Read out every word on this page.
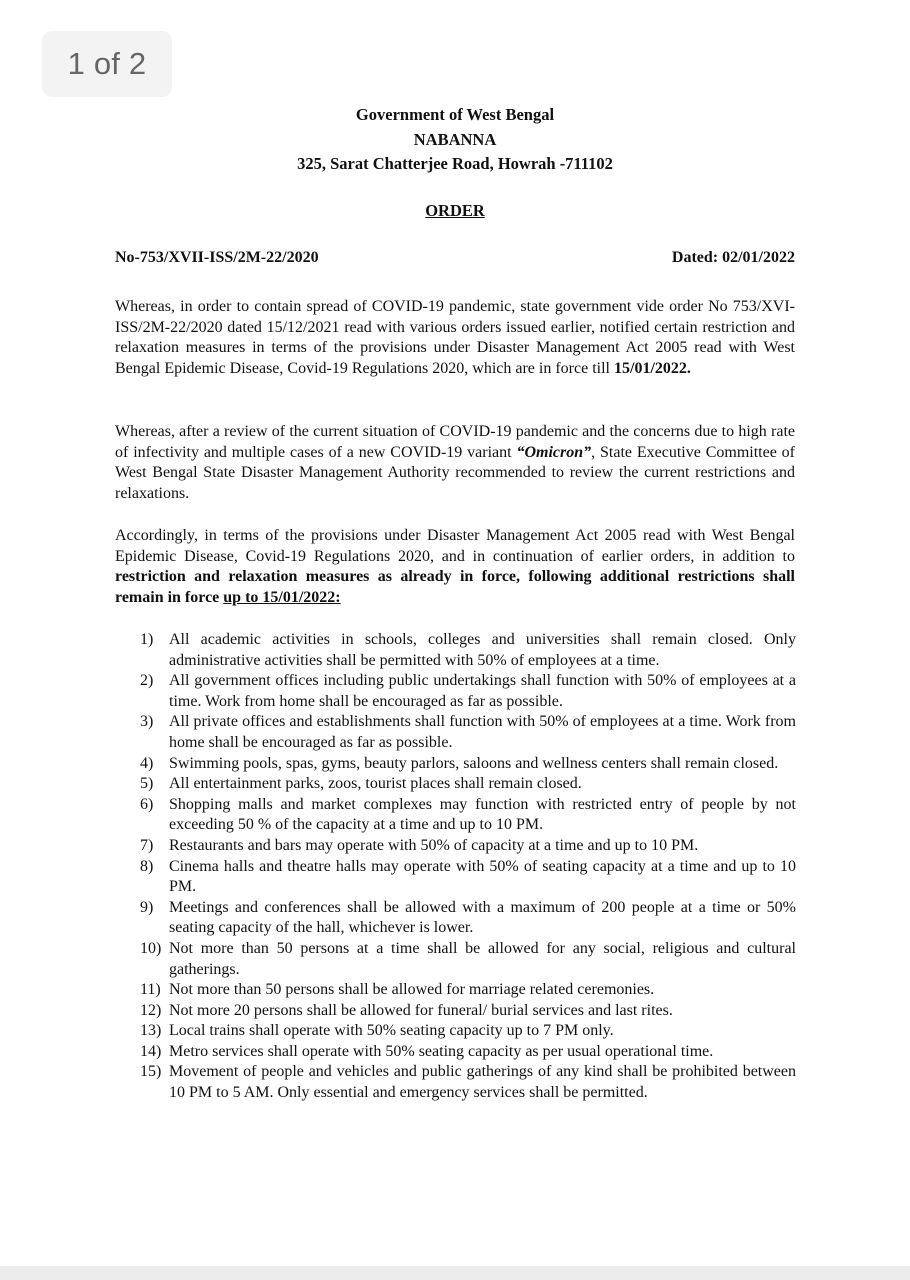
1 of 2
Government of West Bengal
NABANNA
325, Sarat Chatterjee Road, Howrah -711102
ORDER
No-753/XVII-ISS/2M-22/2020	Dated: 02/01/2022

Whereas, in order to contain spread of COVID-19 pandemic, state government vide order No 753/XVI-ISS/2M-22/2020 dated 15/12/2021 read with various orders issued earlier, notified certain restriction and relaxation measures in terms of the provisions under Disaster Management Act 2005 read with West Bengal Epidemic Disease, Covid-19 Regulations 2020, which are in force till 15/01/2022.

Whereas, after a review of the current situation of COVID-19 pandemic and the concerns due to high rate of infectivity and multiple cases of a new COVID-19 variant “Omicron”, State Executive Committee of West Bengal State Disaster Management Authority recommended to review the current restrictions and relaxations.

Accordingly, in terms of the provisions under Disaster Management Act 2005 read with West Bengal Epidemic Disease, Covid-19 Regulations 2020, and in continuation of earlier orders, in addition to restriction and relaxation measures as already in force, following additional restrictions shall remain in force up to 15/01/2022:

1) All academic activities in schools, colleges and universities shall remain closed. Only administrative activities shall be permitted with 50% of employees at a time.
2) All government offices including public undertakings shall function with 50% of employees at a time. Work from home shall be encouraged as far as possible.
3) All private offices and establishments shall function with 50% of employees at a time. Work from home shall be encouraged as far as possible.
4) Swimming pools, spas, gyms, beauty parlors, saloons and wellness centers shall remain closed.
5) All entertainment parks, zoos, tourist places shall remain closed.
6) Shopping malls and market complexes may function with restricted entry of people by not exceeding 50 % of the capacity at a time and up to 10 PM.
7) Restaurants and bars may operate with 50% of capacity at a time and up to 10 PM.
8) Cinema halls and theatre halls may operate with 50% of seating capacity at a time and up to 10 PM.
9) Meetings and conferences shall be allowed with a maximum of 200 people at a time or 50% seating capacity of the hall, whichever is lower.
10) Not more than 50 persons at a time shall be allowed for any social, religious and cultural gatherings.
11) Not more than 50 persons shall be allowed for marriage related ceremonies.
12) Not more 20 persons shall be allowed for funeral/ burial services and last rites.
13) Local trains shall operate with 50% seating capacity up to 7 PM only.
14) Metro services shall operate with 50% seating capacity as per usual operational time.
15) Movement of people and vehicles and public gatherings of any kind shall be prohibited between 10 PM to 5 AM. Only essential and emergency services shall be permitted.
